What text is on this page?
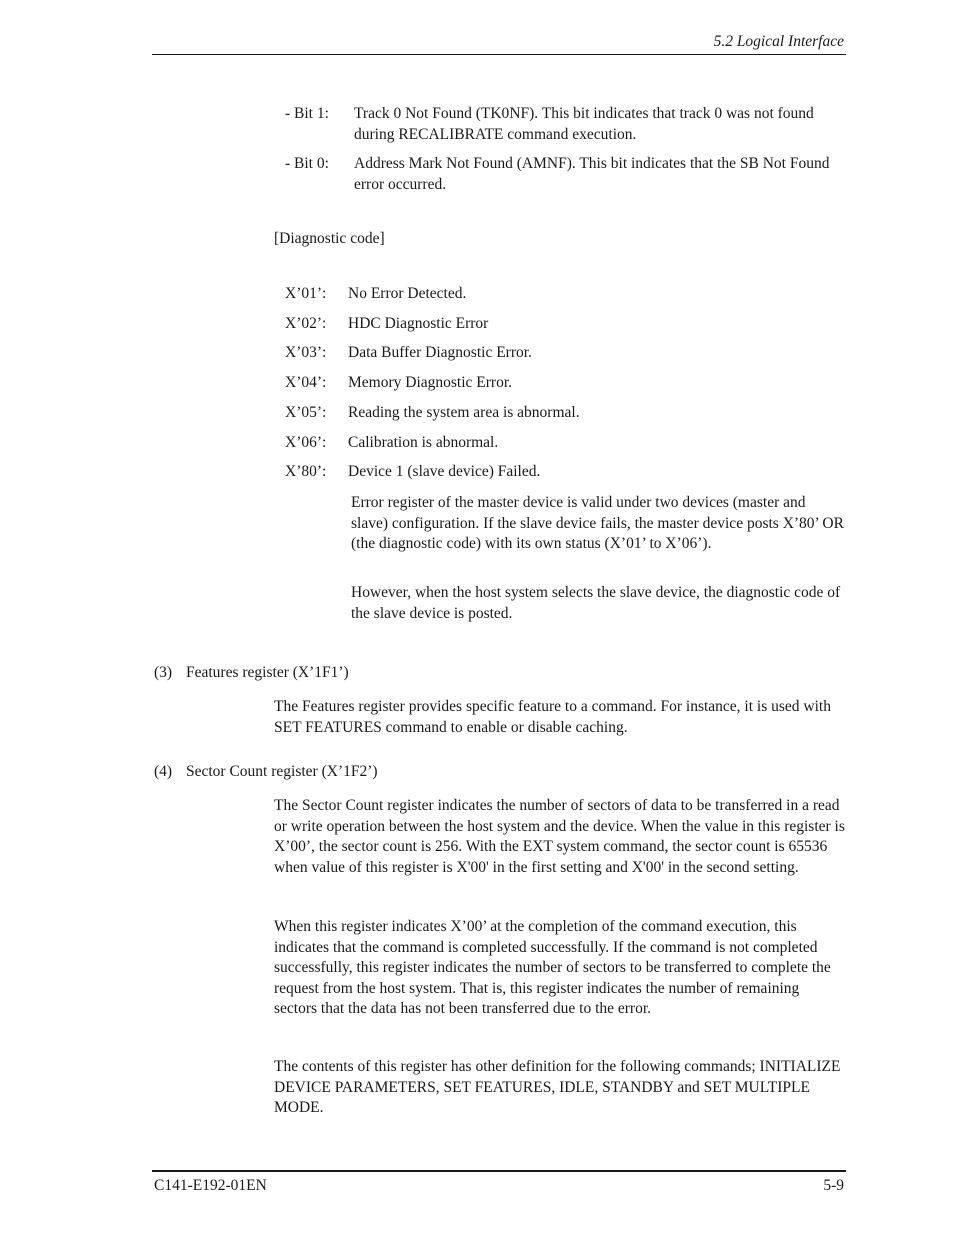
5.2 Logical Interface
- Bit 1: Track 0 Not Found (TK0NF). This bit indicates that track 0 was not found during RECALIBRATE command execution.
- Bit 0: Address Mark Not Found (AMNF). This bit indicates that the SB Not Found error occurred.
[Diagnostic code]
X’01’: No Error Detected.
X’02’: HDC Diagnostic Error
X’03’: Data Buffer Diagnostic Error.
X’04’: Memory Diagnostic Error.
X’05’: Reading the system area is abnormal.
X’06’: Calibration is abnormal.
X’80’: Device 1 (slave device) Failed.
Error register of the master device is valid under two devices (master and slave) configuration. If the slave device fails, the master device posts X’80’ OR (the diagnostic code) with its own status (X’01’ to X’06’).
However, when the host system selects the slave device, the diagnostic code of the slave device is posted.
(3) Features register (X’1F1’)
The Features register provides specific feature to a command. For instance, it is used with SET FEATURES command to enable or disable caching.
(4) Sector Count register (X’1F2’)
The Sector Count register indicates the number of sectors of data to be transferred in a read or write operation between the host system and the device. When the value in this register is X’00’, the sector count is 256. With the EXT system command, the sector count is 65536 when value of this register is X'00' in the first setting and X'00' in the second setting.
When this register indicates X’00’ at the completion of the command execution, this indicates that the command is completed successfully. If the command is not completed successfully, this register indicates the number of sectors to be transferred to complete the request from the host system. That is, this register indicates the number of remaining sectors that the data has not been transferred due to the error.
The contents of this register has other definition for the following commands; INITIALIZE DEVICE PARAMETERS, SET FEATURES, IDLE, STANDBY and SET MULTIPLE MODE.
C141-E192-01EN	5-9
